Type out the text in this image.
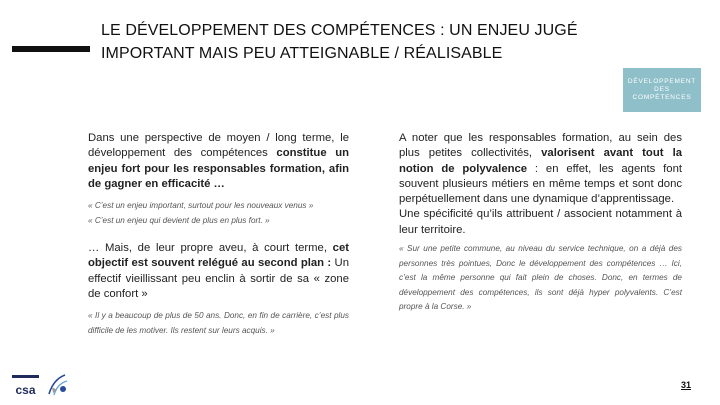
LE DÉVELOPPEMENT DES COMPÉTENCES : UN ENJEU JUGÉ
IMPORTANT MAIS PEU ATTEIGNABLE / RÉALISABLE
DÉVELOPPEMENT
DES
COMPÉTENCES

Dans une perspective de moyen / long terme, le développement des compétences constitue un enjeu fort pour les responsables formation, afin de gagner en efficacité …

« C’est un enjeu important, surtout pour les nouveaux venus »
« C’est un enjeu qui devient de plus en plus fort. »

… Mais, de leur propre aveu, à court terme, cet objectif est souvent relégué au second plan : Un effectif vieillissant peu enclin à sortir de sa « zone de confort »

« Il y a beaucoup de plus de 50 ans. Donc, en fin de carrière, c’est plus difficile de les motiver. Ils restent sur leurs acquis. »

A noter que les responsables formation, au sein des plus petites collectivités, valorisent avant tout la notion de polyvalence : en effet, les agents font souvent plusieurs métiers en même temps et sont donc perpétuellement dans une dynamique d’apprentissage.

Une spécificité qu’ils attribuent / associent notamment à leur territoire.

« Sur une petite commune, au niveau du service technique, on a déjà des personnes très pointues, Donc le développement des compétences … Ici, c’est la même personne qui fait plein de choses. Donc, en termes de développement des compétences, ils sont déjà hyper polyvalents. C’est propre à la Corse. »

csa	31
